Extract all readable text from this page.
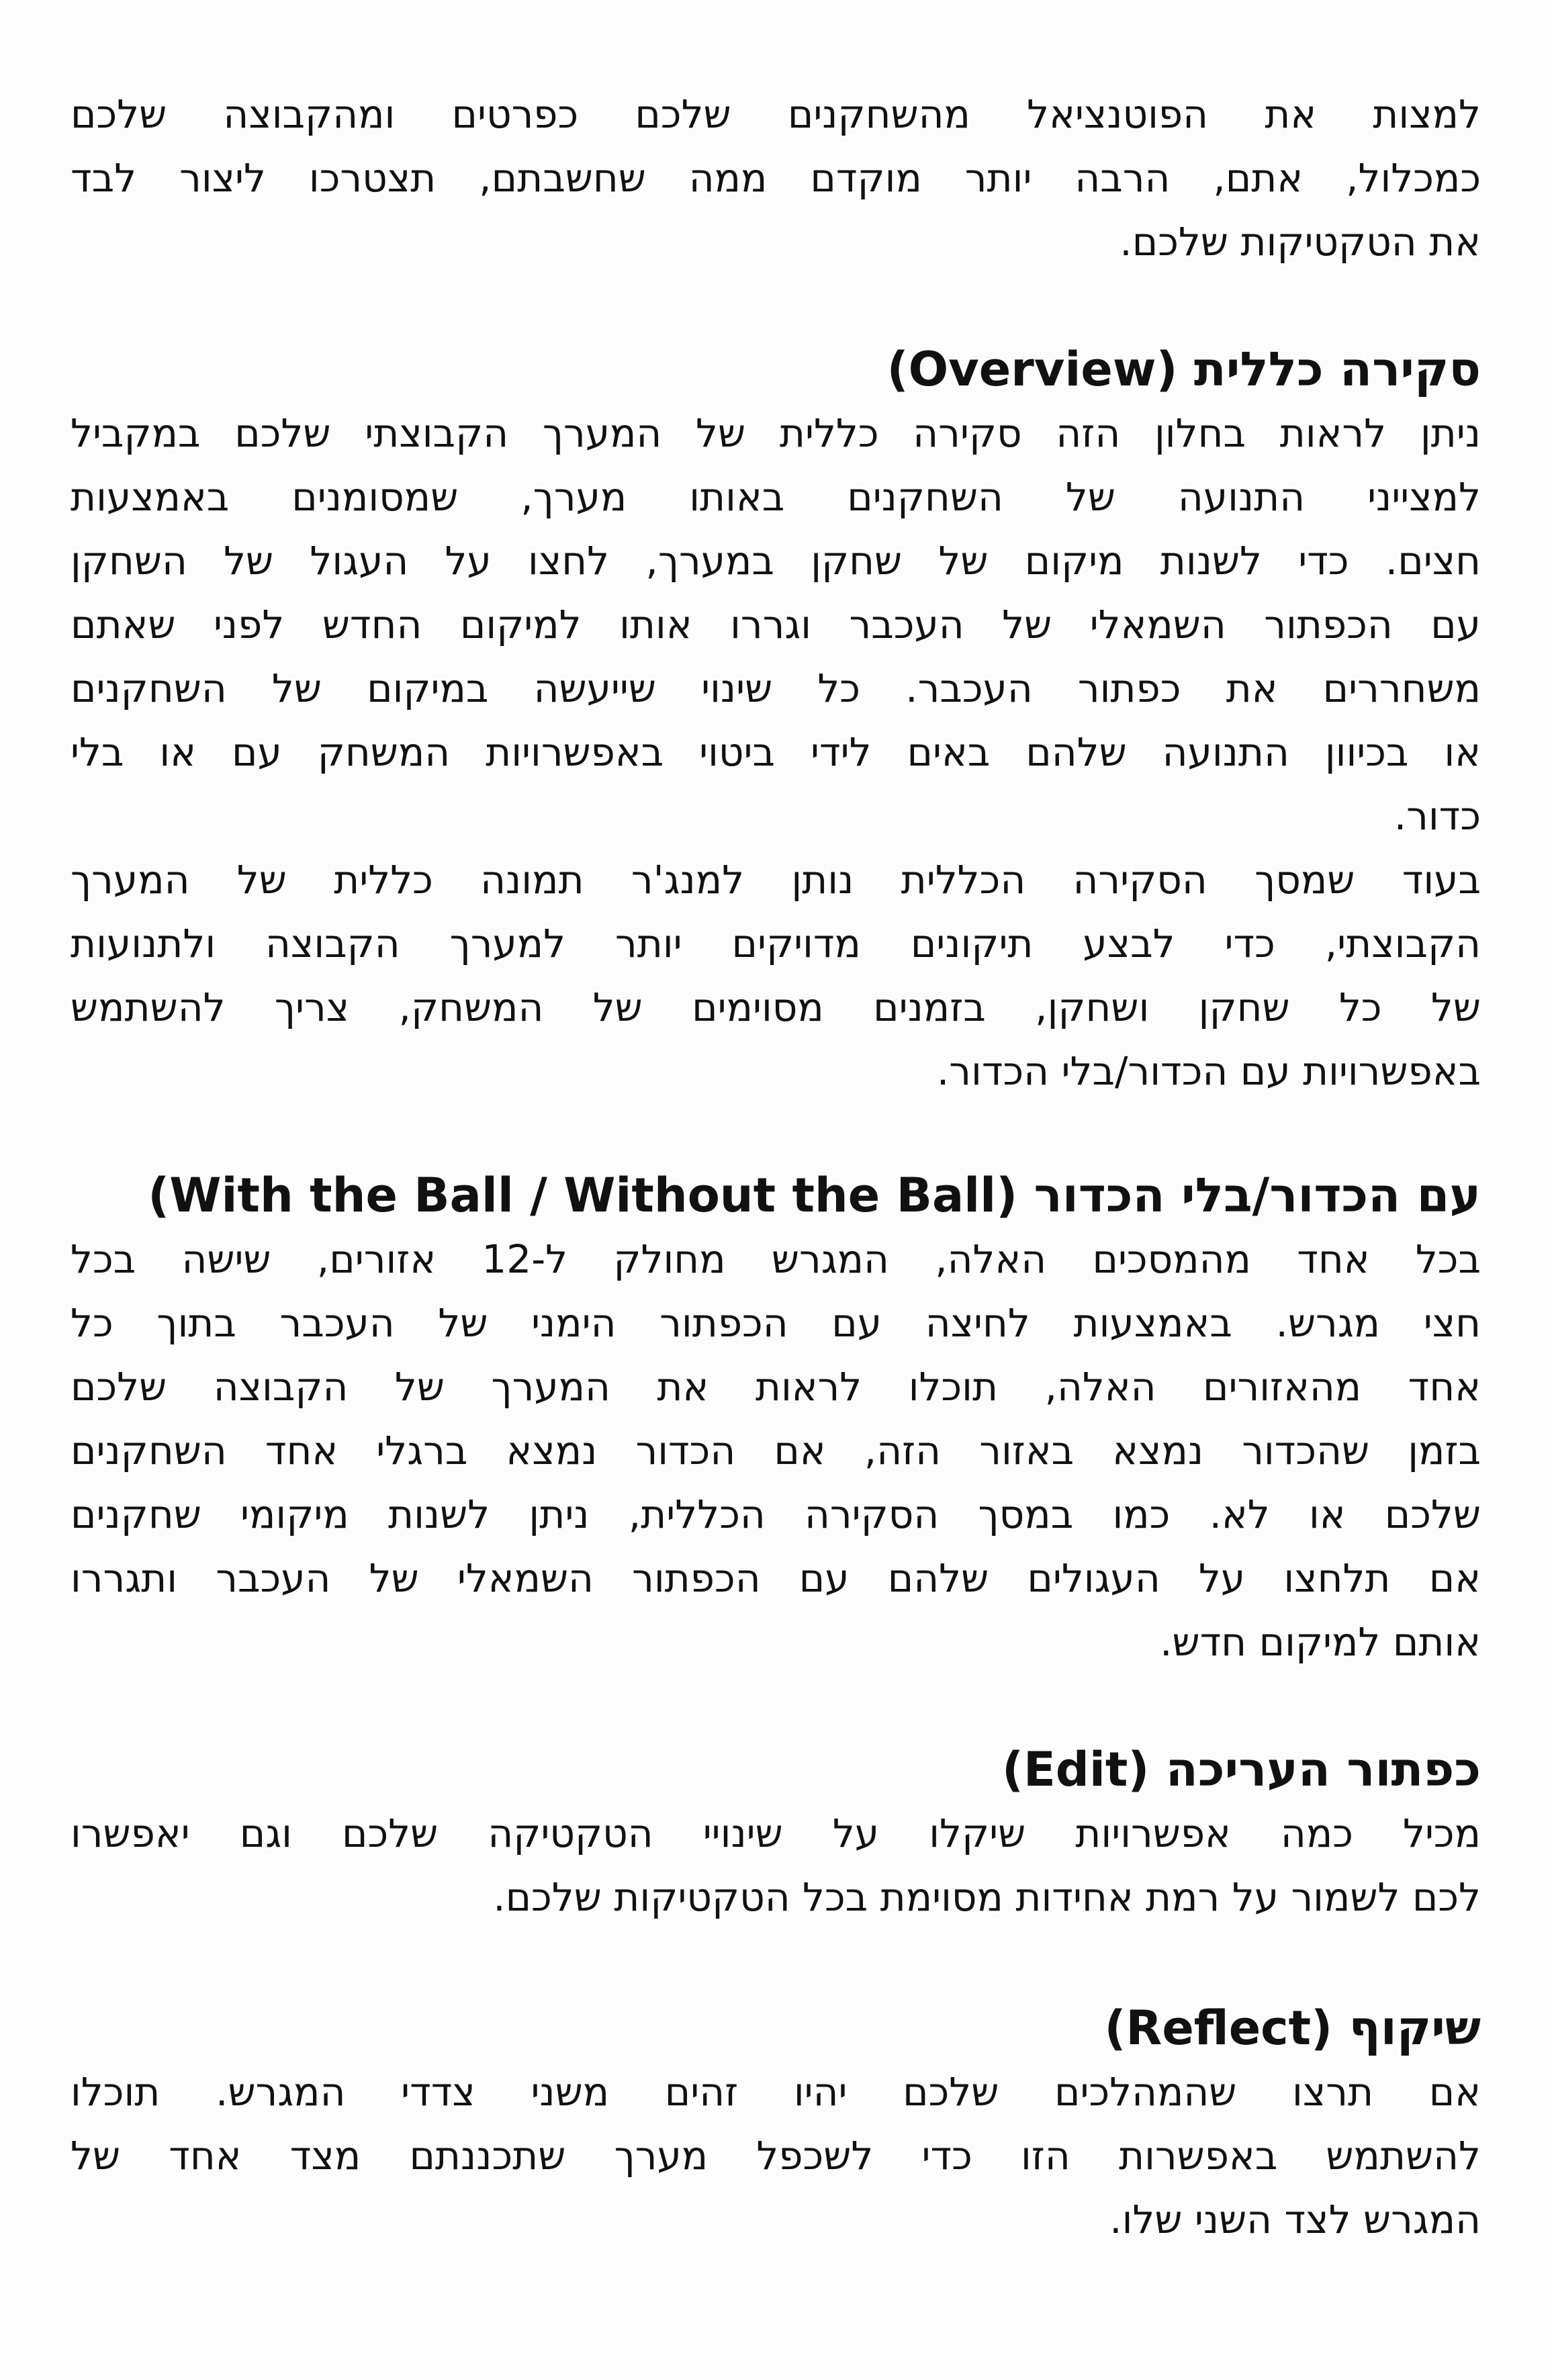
למצות את הפוטנציאל מהשחקנים שלכם כפרטים ומהקבוצה שלכם
כמכלול, אתם, הרבה יותר מוקדם ממה שחשבתם, תצטרכו ליצור לבד
את הטקטיקות שלכם.
סקירה כללית (Overview)
ניתן לראות בחלון הזה סקירה כללית של המערך הקבוצתי שלכם במקביל
למצייני התנועה של השחקנים באותו מערך, שמסומנים באמצעות
חצים. כדי לשנות מיקום של שחקן במערך, לחצו על העגול של השחקן
עם הכפתור השמאלי של העכבר וגררו אותו למיקום החדש לפני שאתם
משחררים את כפתור העכבר. כל שינוי שייעשה במיקום של השחקנים
או בכיוון התנועה שלהם באים לידי ביטוי באפשרויות המשחק עם או בלי
כדור.
בעוד שמסך הסקירה הכללית נותן למנג'ר תמונה כללית של המערך
הקבוצתי, כדי לבצע תיקונים מדויקים יותר למערך הקבוצה ולתנועות
של כל שחקן ושחקן, בזמנים מסוימים של המשחק, צריך להשתמש
באפשרויות עם הכדור/בלי הכדור.
עם הכדור/בלי הכדור (With the Ball / Without the Ball)
בכל אחד מהמסכים האלה, המגרש מחולק ל-12 אזורים, שישה בכל
חצי מגרש. באמצעות לחיצה עם הכפתור הימני של העכבר בתוך כל
אחד מהאזורים האלה, תוכלו לראות את המערך של הקבוצה שלכם
בזמן שהכדור נמצא באזור הזה, אם הכדור נמצא ברגלי אחד השחקנים
שלכם או לא. כמו במסך הסקירה הכללית, ניתן לשנות מיקומי שחקנים
אם תלחצו על העגולים שלהם עם הכפתור השמאלי של העכבר ותגררו
אותם למיקום חדש.
כפתור העריכה (Edit)
מכיל כמה אפשרויות שיקלו על שינויי הטקטיקה שלכם וגם יאפשרו
לכם לשמור על רמת אחידות מסוימת בכל הטקטיקות שלכם.
שיקוף (Reflect)
אם תרצו שהמהלכים שלכם יהיו זהים משני צדדי המגרש. תוכלו
להשתמש באפשרות הזו כדי לשכפל מערך שתכננתם מצד אחד של
המגרש לצד השני שלו.
